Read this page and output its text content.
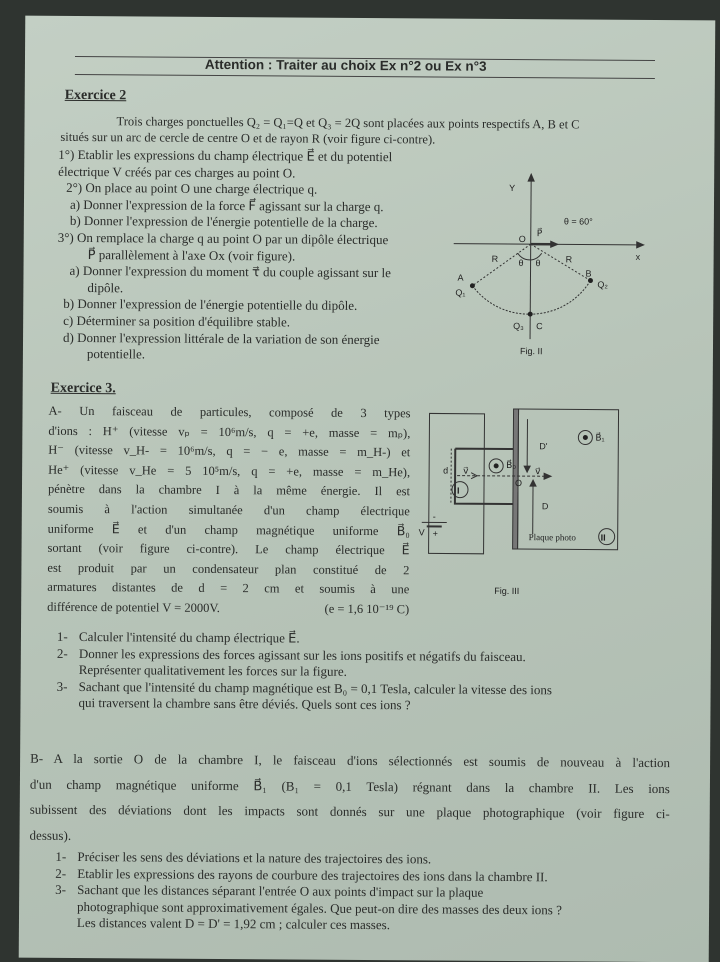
Attention : Traiter au choix Ex n°2 ou Ex n°3
Exercice 2
Trois charges ponctuelles Q₂ = Q₁=Q et Q₃ = 2Q sont placées aux points respectifs A, B et C
situés sur un arc de cercle de centre O et de rayon R (voir figure ci-contre).
1°) Etablir les expressions du champ électrique E⃗ et du potentiel
électrique V créés par ces charges au point O.
2°) On place au point O une charge électrique q.
a) Donner l'expression de la force F⃗ agissant sur la charge q.
b) Donner l'expression de l'énergie potentielle de la charge.
3°) On remplace la charge q au point O par un dipôle électrique
P⃗ parallèlement à l'axe Ox (voir figure).
a) Donner l'expression du moment τ⃗ du couple agissant sur le
dipôle.
b) Donner l'expression de l'énergie potentielle du dipôle.
c) Déterminer sa position d'équilibre stable.
d) Donner l'expression littérale de la variation de son énergie
potentielle.
Y
x
O
P⃗
θ = 60°
θ θ
R	R
A
Q₁
B
Q₂
Q₃ C
Fig. II
Exercice 3.
A- Un faisceau de particules, composé de 3 types
d'ions : H⁺ (vitesse vₚ = 10⁶m/s, q = +e, masse = mₚ),
H⁻ (vitesse v_H- = 10⁶m/s, q = − e, masse = m_H-) et
He⁺ (vitesse v_He = 5 10⁵m/s, q = +e, masse = m_He),
pénètre dans la chambre I à la même énergie. Il est
soumis à l'action simultanée d'un champ électrique
uniforme E⃗ et d'un champ magnétique uniforme B⃗₀
sortant (voir figure ci-contre). Le champ électrique E⃗
est produit par un condensateur plan constitué de 2
armatures distantes de d = 2 cm et soumis à une
différence de potentiel V = 2000V.	(e = 1,6 10⁻¹⁹ C)
B⃗₁
B⃗₀
D'
D
d v⃗	v⃗
O
I
II
Plaque photo
V
-
+
Fig. III
1- Calculer l'intensité du champ électrique E⃗.
2- Donner les expressions des forces agissant sur les ions positifs et négatifs du faisceau.
Représenter qualitativement les forces sur la figure.
3- Sachant que l'intensité du champ magnétique est B₀ = 0,1 Tesla, calculer la vitesse des ions
qui traversent la chambre sans être déviés. Quels sont ces ions ?
B- A la sortie O de la chambre I, le faisceau d'ions sélectionnés est soumis de nouveau à l'action
d'un champ magnétique uniforme B⃗₁ (B₁ = 0,1 Tesla) régnant dans la chambre II. Les ions
subissent des déviations dont les impacts sont donnés sur une plaque photographique (voir figure ci-
dessus).
1- Préciser les sens des déviations et la nature des trajectoires des ions.
2- Etablir les expressions des rayons de courbure des trajectoires des ions dans la chambre II.
3- Sachant que les distances séparant l'entrée O aux points d'impact sur la plaque
photographique sont approximativement égales. Que peut-on dire des masses des deux ions ?
Les distances valent D = D' = 1,92 cm ; calculer ces masses.
